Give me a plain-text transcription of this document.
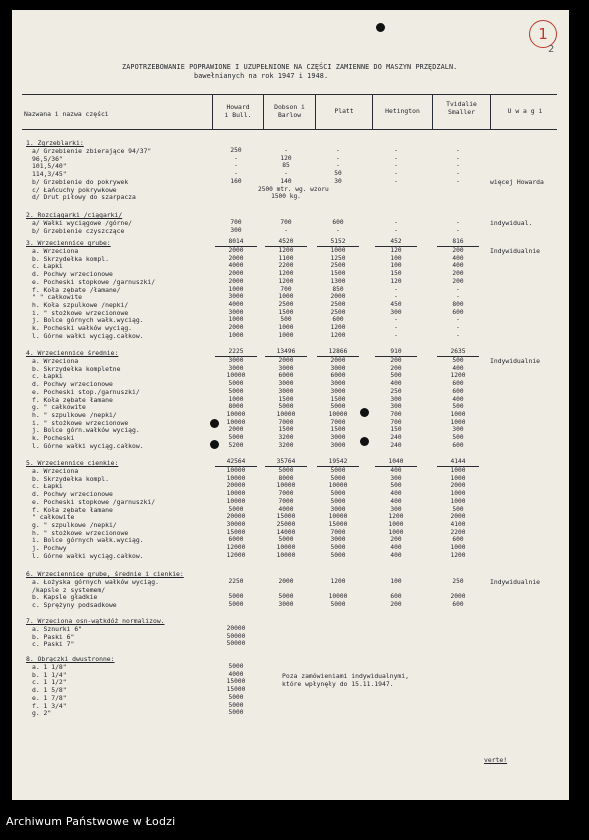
1
2
ZAPOTRZEBOWANIE POPRAWIONE I UZUPEŁNIONE NA CZĘŚCI ZAMIENNE DO MASZYN PRZĘDZALN.
bawełnianych na rok 1947 i 1948.
Nazwana i nazwa części
Howard
i Bull.
Dobson i
Barlow	Platt	Hetington
Tvidalie
Smaller	U w a g i
1. Zgrzeblarki:
a/ Grzebienie zbierające 94/37"	250	-	-	-	-
96,5/36"	-	120	-	-	-
101,5/40"	-	85	-	-	-
114,3/45"	-	-	50	-	-
b/ Grzebienie do pokrywek	160	140	30	-	-	więcej Howarda
c/ Łańcuchy pokrywkowe	2500 mtr. wg. wzoru
d/ Drut piłowy do szarpacza	1500 kg.
2. Rozciągarki /ciągarki/
a/ Wałki wyciągowe /górne/	700	700	600	-	-	indywidual.
b/ Grzebienie czyszczące	300	-	-	-	-
3. Wrzeciennice grube:	8014	4520	5152	452	816
Indywidualnie
a. Wrzeciona	2000	1200	1000	120	200
b. Skrzydełka kompl.	2000	1100	1250	100	400
c. Łapki	4000	2200	2500	100	400
d. Pochwy wrzecionowe	2000	1200	1500	150	200
e. Pocheski stopkowe /garnuszki/	2000	1200	1300	120	200
f. Koła zębate /łamane/	1000	700	850	-	-
" " całkowite	3000	1000	2000	-	-
h. Koła szpulkowe /nepki/	4000	2500	2500	450	800
i. " stożkowe wrzecionowe	3000	1500	2500	300	600
j. Bolce górnych wałk.wyciąg.	1000	500	600	-	-
k. Pocheski wałków wyciąg.	2000	1000	1200	-	-
l. Górne wałki wyciąg.całkow.	1000	1000	1200	-	-
4. Wrzeciennice średnie:	2225	13496	12866	910	2635
Indywidualnie
a. Wrzeciona	3000	2000	2000	200	500
b. Skrzydełka kompletne	3000	3000	3000	200	400
c. Łapki	10000	6000	6000	500	1200
d. Pochwy wrzecionowe	5000	3000	3000	400	600
e. Pocheski stop./garnuszki/	5000	3000	3000	250	600
f. Koła zębate łamane	1000	1500	1500	300	400
g. " całkowite	8000	5000	5000	300	500
h. " szpulkowe /nepki/	10000	10000	10000	700	1000
i. " stożkowe wrzecionowe	10000	7000	7000	700	1000
j. Bolce górn.wałków wyciąg.	2000	1500	1500	150	300
k. Pocheski	5000	3200	3000	240	500
l. Górne wałki wyciąg.całkow.	5200	3200	3000	240	600
5. Wrzeciennice cienkie:	42564	35764	19542	1040	4144
a. Wrzeciona	10000	5000	5000	400	1000
b. Skrzydełka kompl.	10000	8000	5000	300	1000
c. Łapki	20000	10000	10000	500	2000
d. Pochwy wrzecionowe	10000	7000	5000	400	1000
e. Pocheski stopkowe /garnuszki/	10000	7000	5000	400	1000
f. Koła zębate łamane	5000	4000	3000	300	500
" całkowite	20000	15000	10000	1200	2000
g. " szpulkowe /nepki/	30000	25000	15000	1000	4100
h. " stożkowe wrzecionowe	15000	14000	7000	1000	2200
i. Bolce górnych wałk.wyciąg.	6000	5000	3000	200	600
j. Pochwy	12000	10000	5000	400	1000
l. Górne wałki wyciąg.całkow.	12000	10000	5000	400	1200
6. Wrzeciennice grube, średnie i cienkie:
Indywidualnie
a. Łożyska górnych wałków wyciąg.	2250	2000	1200	100	250
/kapsle z systemem/
b. Kapsle gładkie	5000	5000	10000	600	2000
c. Sprężyny podsadkowe	5000	3000	5000	200	600
7. Wrzeciona osn-wątkdóż normalizow.
a. Sznurki 6"	20000
b. Paski 6"	50000
c. Paski 7"	50000
8. Obrączki dwustronne:
a. 1 1/8"	5000
b. 1 1/4"	4000
c. 1 1/2"	15000
d. 1 5/8"	15000
e. 1 7/8"	5000
f. 1 3/4"	5000
g. 2"	5000
Poza zamówieniami indywidualnymi,
które wpłynęły do 15.11.1947.
verte!
Archiwum Państwowe w Łodzi
